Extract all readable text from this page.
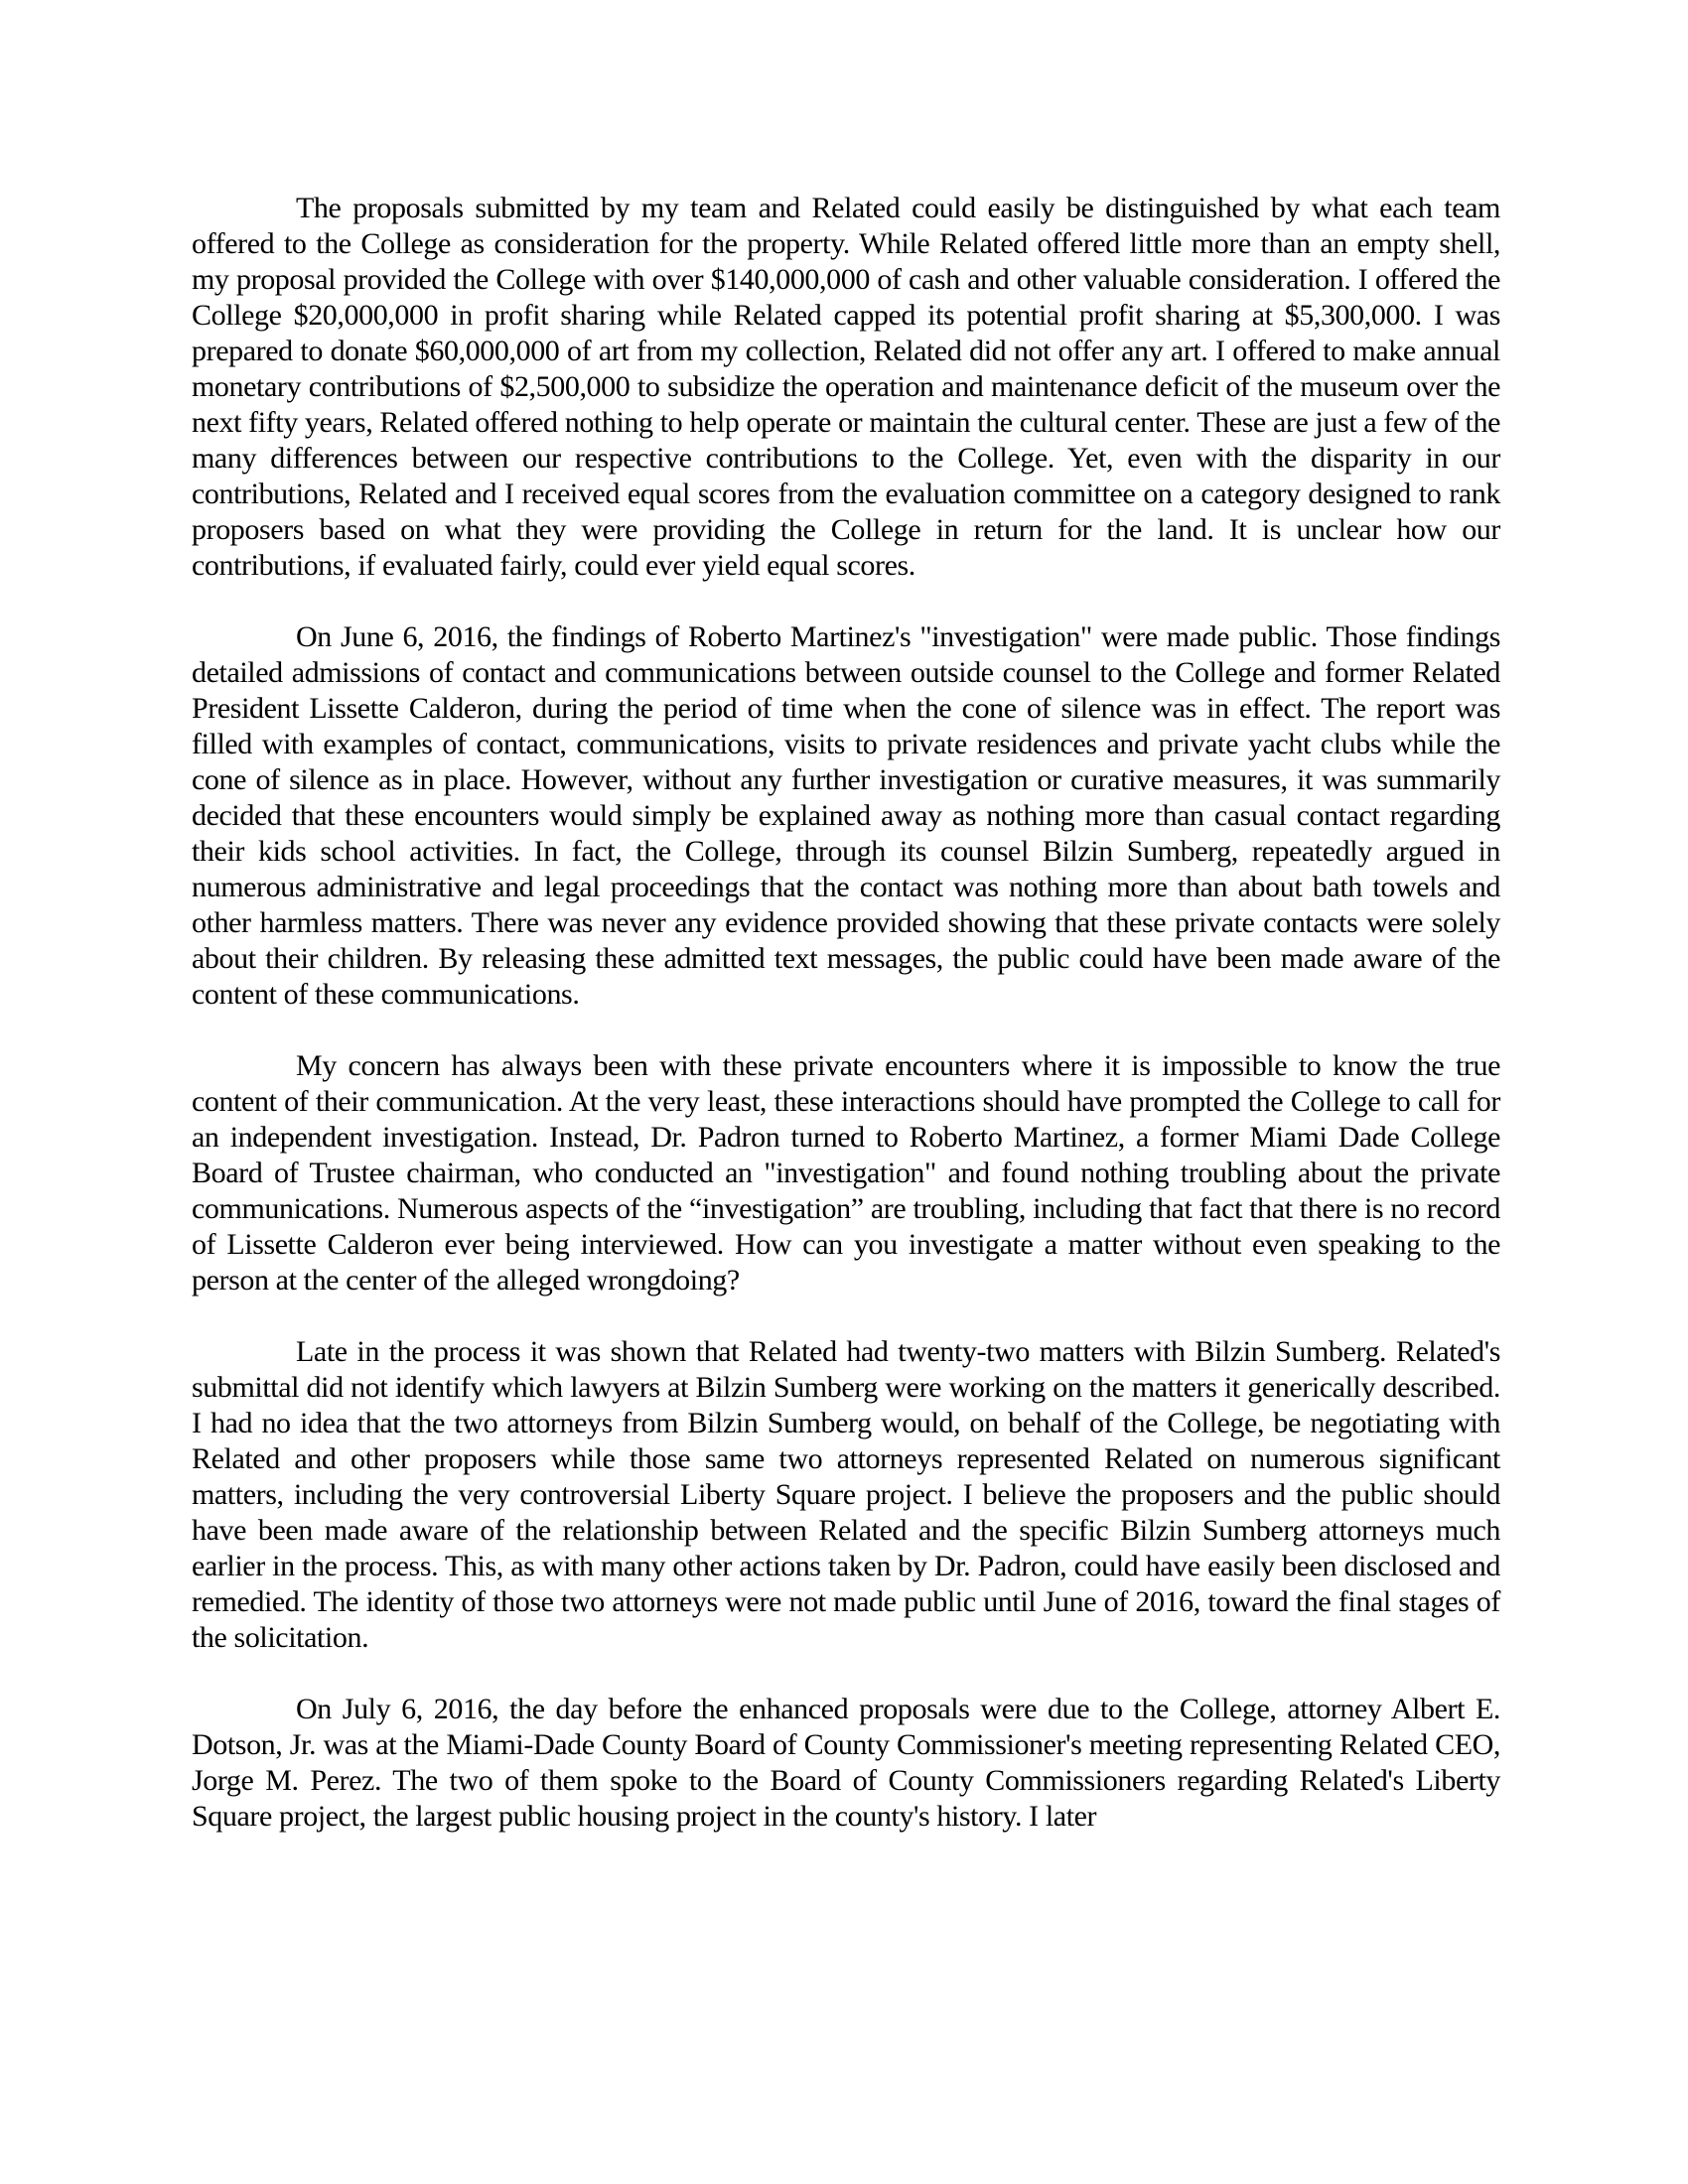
The proposals submitted by my team and Related could easily be distinguished by what each team offered to the College as consideration for the property. While Related offered little more than an empty shell, my proposal provided the College with over $140,000,000 of cash and other valuable consideration. I offered the College $20,000,000 in profit sharing while Related capped its potential profit sharing at $5,300,000. I was prepared to donate $60,000,000 of art from my collection, Related did not offer any art. I offered to make annual monetary contributions of $2,500,000 to subsidize the operation and maintenance deficit of the museum over the next fifty years, Related offered nothing to help operate or maintain the cultural center. These are just a few of the many differences between our respective contributions to the College. Yet, even with the disparity in our contributions, Related and I received equal scores from the evaluation committee on a category designed to rank proposers based on what they were providing the College in return for the land. It is unclear how our contributions, if evaluated fairly, could ever yield equal scores.

On June 6, 2016, the findings of Roberto Martinez's "investigation" were made public. Those findings detailed admissions of contact and communications between outside counsel to the College and former Related President Lissette Calderon, during the period of time when the cone of silence was in effect. The report was filled with examples of contact, communications, visits to private residences and private yacht clubs while the cone of silence as in place. However, without any further investigation or curative measures, it was summarily decided that these encounters would simply be explained away as nothing more than casual contact regarding their kids school activities. In fact, the College, through its counsel Bilzin Sumberg, repeatedly argued in numerous administrative and legal proceedings that the contact was nothing more than about bath towels and other harmless matters. There was never any evidence provided showing that these private contacts were solely about their children. By releasing these admitted text messages, the public could have been made aware of the content of these communications.

My concern has always been with these private encounters where it is impossible to know the true content of their communication. At the very least, these interactions should have prompted the College to call for an independent investigation. Instead, Dr. Padron turned to Roberto Martinez, a former Miami Dade College Board of Trustee chairman, who conducted an "investigation" and found nothing troubling about the private communications. Numerous aspects of the “investigation” are troubling, including that fact that there is no record of Lissette Calderon ever being interviewed. How can you investigate a matter without even speaking to the person at the center of the alleged wrongdoing?

Late in the process it was shown that Related had twenty-two matters with Bilzin Sumberg. Related's submittal did not identify which lawyers at Bilzin Sumberg were working on the matters it generically described. I had no idea that the two attorneys from Bilzin Sumberg would, on behalf of the College, be negotiating with Related and other proposers while those same two attorneys represented Related on numerous significant matters, including the very controversial Liberty Square project. I believe the proposers and the public should have been made aware of the relationship between Related and the specific Bilzin Sumberg attorneys much earlier in the process. This, as with many other actions taken by Dr. Padron, could have easily been disclosed and remedied. The identity of those two attorneys were not made public until June of 2016, toward the final stages of the solicitation.

On July 6, 2016, the day before the enhanced proposals were due to the College, attorney Albert E. Dotson, Jr. was at the Miami-Dade County Board of County Commissioner's meeting representing Related CEO, Jorge M. Perez. The two of them spoke to the Board of County Commissioners regarding Related's Liberty Square project, the largest public housing project in the county's history. I later
